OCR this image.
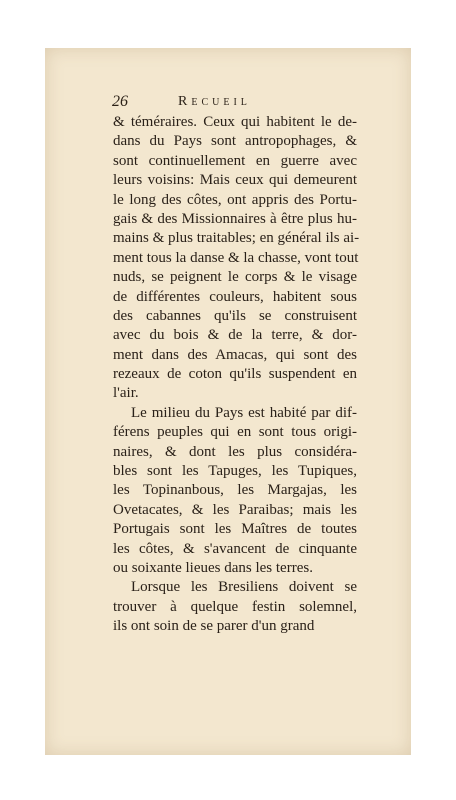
26	Recueil
& téméraires. Ceux qui habitent le de-
dans du Pays sont antropophages, &
sont continuellement en guerre avec
leurs voisins: Mais ceux qui demeurent
le long des côtes, ont appris des Portu-
gais & des Missionnaires à être plus hu-
mains & plus traitables; en général ils ai-
ment tous la danse & la chasse, vont tout
nuds, se peignent le corps & le visage
de différentes couleurs, habitent sous
des cabannes qu'ils se construisent
avec du bois & de la terre, & dor-
ment dans des Amacas, qui sont des
rezeaux de coton qu'ils suspendent en
l'air.
Le milieu du Pays est habité par dif-
férens peuples qui en sont tous origi-
naires, & dont les plus considéra-
bles sont les Tapuges, les Tupiques,
les Topinanbous, les Margajas, les
Ovetacates, & les Paraibas; mais les
Portugais sont les Maîtres de toutes
les côtes, & s'avancent de cinquante
ou soixante lieues dans les terres.
Lorsque les Bresiliens doivent se
trouver à quelque festin solemnel,
ils ont soin de se parer d'un grand
